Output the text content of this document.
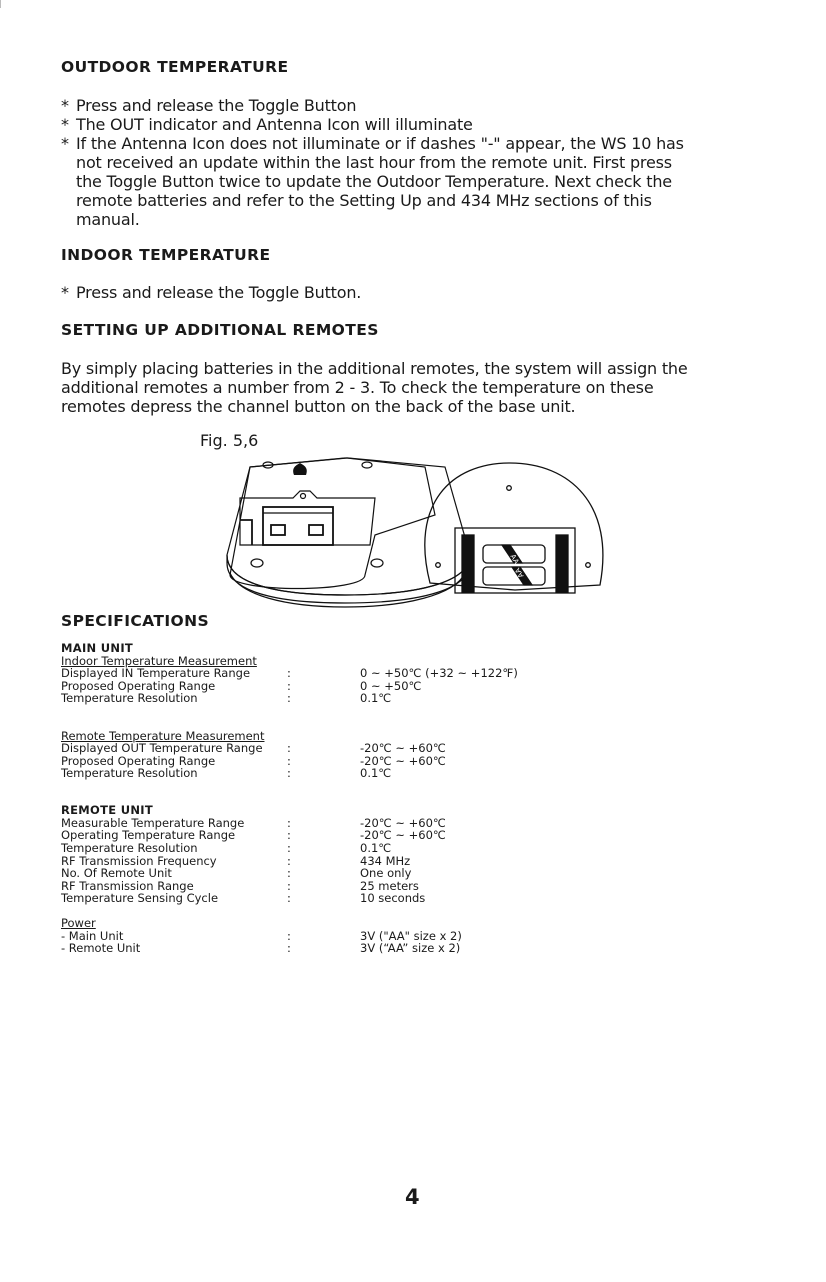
OUTDOOR TEMPERATURE
* Press and release the Toggle Button
* The OUT indicator and Antenna Icon will illuminate
* If the Antenna Icon does not illuminate or if dashes "-" appear, the WS 10 has
not received an update within the last hour from the remote unit. First press
the Toggle Button twice to update the Outdoor Temperature. Next check the
remote batteries and refer to the Setting Up and 434 MHz sections of this
manual.
INDOOR TEMPERATURE
* Press and release the Toggle Button.
SETTING UP ADDITIONAL REMOTES
By simply placing batteries in the additional remotes, the system will assign the
additional remotes a number from 2 - 3. To check the temperature on these
remotes depress the channel button on the back of the base unit.
Fig. 5,6
AA
AA
SPECIFICATIONS
MAIN UNIT
Indoor Temperature Measurement
Displayed IN Temperature Range	:	0 ~ +50℃ (+32 ~ +122℉)
Proposed Operating Range	:	0 ~ +50℃
Temperature Resolution	:	0.1℃
Remote Temperature Measurement
Displayed OUT Temperature Range :	-20℃ ~ +60℃
Proposed Operating Range	:	-20℃ ~ +60℃
Temperature Resolution	:	0.1℃
REMOTE UNIT
Measurable Temperature Range	:	-20℃ ~ +60℃
Operating Temperature Range	:	-20℃ ~ +60℃
Temperature Resolution	:	0.1℃
RF Transmission Frequency	:	434 MHz
No. Of Remote Unit	:	One only
RF Transmission Range	:	25 meters
Temperature Sensing Cycle	:	10 seconds
Power
- Main Unit	:	3V ("AA" size x 2)
- Remote Unit	:	3V (“AA” size x 2)
4
